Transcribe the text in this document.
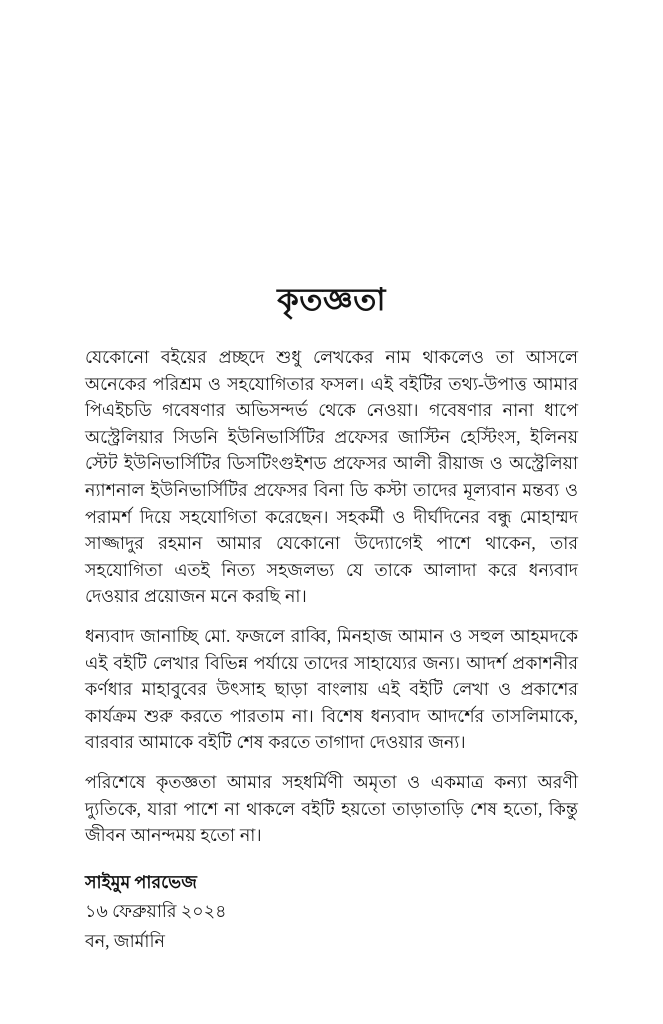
কৃতজ্ঞতা

যেকোনো বইয়ের প্রচ্ছদে শুধু লেখকের নাম থাকলেও তা আসলে অনেকের পরিশ্রম ও সহযোগিতার ফসল। এই বইটির তথ্য-উপাত্ত আমার পিএইচডি গবেষণার অভিসন্দর্ভ থেকে নেওয়া। গবেষণার নানা ধাপে অস্ট্রেলিয়ার সিডনি ইউনিভার্সিটির প্রফেসর জাস্টিন হেস্টিংস, ইলিনয় স্টেট ইউনিভার্সিটির ডিসটিংগুইশড প্রফেসর আলী রীয়াজ ও অস্ট্রেলিয়া ন্যাশনাল ইউনিভার্সিটির প্রফেসর বিনা ডি কস্টা তাদের মূল্যবান মন্তব্য ও পরামর্শ দিয়ে সহযোগিতা করেছেন। সহকর্মী ও দীর্ঘদিনের বন্ধু মোহাম্মদ সাজ্জাদুর রহমান আমার যেকোনো উদ্যোগেই পাশে থাকেন, তার সহযোগিতা এতই নিত্য সহজলভ্য যে তাকে আলাদা করে ধন্যবাদ দেওয়ার প্রয়োজন মনে করছি না।

ধন্যবাদ জানাচ্ছি মো. ফজলে রাব্বি, মিনহাজ আমান ও সহুল আহমদকে এই বইটি লেখার বিভিন্ন পর্যায়ে তাদের সাহায্যের জন্য। আদর্শ প্রকাশনীর কর্ণধার মাহাবুবের উৎসাহ ছাড়া বাংলায় এই বইটি লেখা ও প্রকাশের কার্যক্রম শুরু করতে পারতাম না। বিশেষ ধন্যবাদ আদর্শের তাসলিমাকে, বারবার আমাকে বইটি শেষ করতে তাগাদা দেওয়ার জন্য।

পরিশেষে কৃতজ্ঞতা আমার সহধর্মিণী অমৃতা ও একমাত্র কন্যা অরণী দ্যুতিকে, যারা পাশে না থাকলে বইটি হয়তো তাড়াতাড়ি শেষ হতো, কিন্তু জীবন আনন্দময় হতো না।

সাইমুম পারভেজ
১৬ ফেব্রুয়ারি ২০২৪
বন, জার্মানি
